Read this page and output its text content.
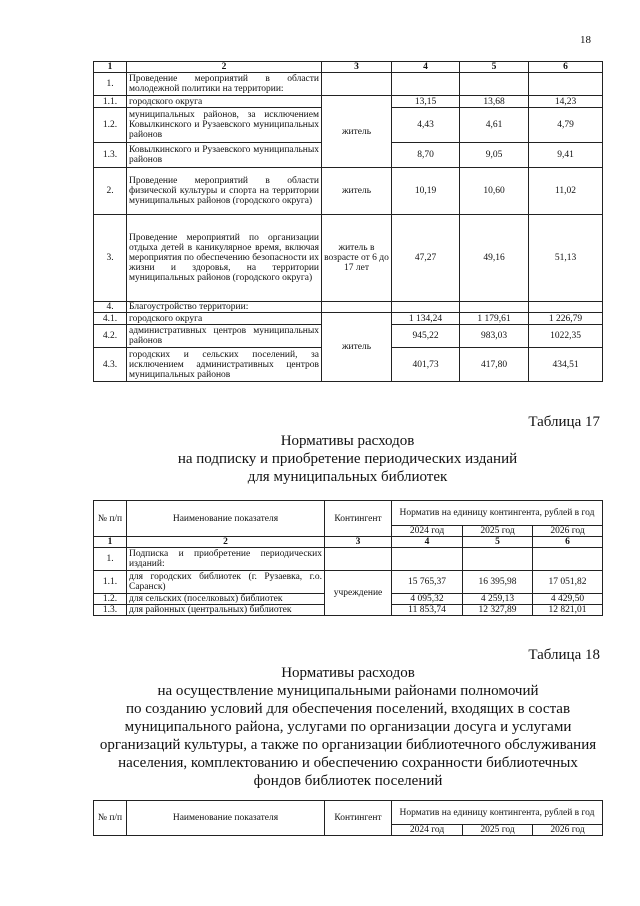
18
1	2	3	4	5	6
1.	Проведение мероприятий в области молодежной политики на территории:				
1.1.	городского округа	житель	13,15	13,68	14,23
1.2.	муниципальных районов, за исключением Ковылкинского и Рузаевского муниципальных районов		4,43	4,61	4,79
1.3.	Ковылкинского и Рузаевского муниципальных районов		8,70	9,05	9,41
2.	Проведение мероприятий в области физической культуры и спорта на территории муниципальных районов (городского округа)	житель	10,19	10,60	11,02
3.	Проведение мероприятий по организации отдыха детей в каникулярное время, включая мероприятия по обеспечению безопасности их жизни и здоровья, на территории муниципальных районов (городского округа)	житель в возрасте от 6 до 17 лет	47,27	49,16	51,13
4.	Благоустройство территории:				
4.1.	городского округа	житель	1 134,24	1 179,61	1 226,79
4.2.	административных центров муниципальных районов		945,22	983,03	1022,35
4.3.	городских и сельских поселений, за исключением административных центров муниципальных районов		401,73	417,80	434,51
Таблица 17
Нормативы расходов
на подписку и приобретение периодических изданий
для муниципальных библиотек
№ п/п	Наименование показателя	Контингент	Норматив на единицу контингента, рублей в год		
			2024 год	2025 год	2026 год
1	2	3	4	5	6
1.	Подписка и приобретение периодических изданий:				
1.1.	для городских библиотек (г. Рузаевка, г.о. Саранск)	учреждение	15 765,37	16 395,98	17 051,82
1.2.	для сельских (поселковых) библиотек		4 095,32	4 259,13	4 429,50
1.3.	для районных (центральных) библиотек		11 853,74	12 327,89	12 821,01
Таблица 18
Нормативы расходов
на осуществление муниципальными районами полномочий
по созданию условий для обеспечения поселений, входящих в состав
муниципального района, услугами по организации досуга и услугами
организаций культуры, а также по организации библиотечного обслуживания
населения, комплектованию и обеспечению сохранности библиотечных
фондов библиотек поселений
№ п/п	Наименование показателя	Контингент	Норматив на единицу контингента, рублей в год		
			2024 год	2025 год	2026 год
